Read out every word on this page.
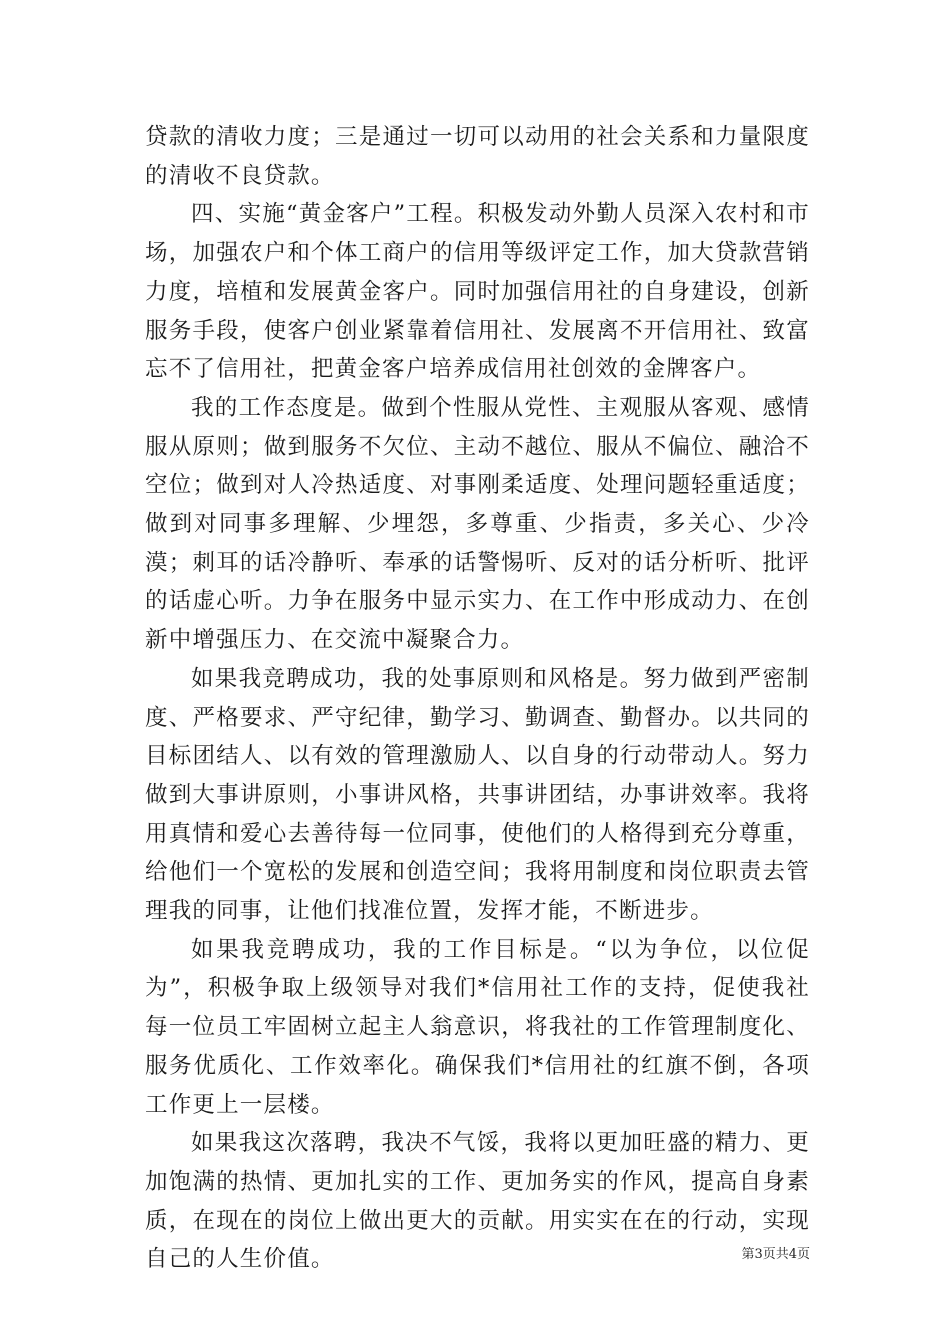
贷款的清收力度；三是通过一切可以动用的社会关系和力量限度的清收不良贷款。

四、实施“黄金客户”工程。积极发动外勤人员深入农村和市场，加强农户和个体工商户的信用等级评定工作，加大贷款营销力度，培植和发展黄金客户。同时加强信用社的自身建设，创新服务手段，使客户创业紧靠着信用社、发展离不开信用社、致富忘不了信用社，把黄金客户培养成信用社创效的金牌客户。

我的工作态度是。做到个性服从党性、主观服从客观、感情服从原则；做到服务不欠位、主动不越位、服从不偏位、融洽不空位；做到对人冷热适度、对事刚柔适度、处理问题轻重适度；做到对同事多理解、少埋怨，多尊重、少指责，多关心、少冷漠；刺耳的话冷静听、奉承的话警惕听、反对的话分析听、批评的话虚心听。力争在服务中显示实力、在工作中形成动力、在创新中增强压力、在交流中凝聚合力。

如果我竞聘成功，我的处事原则和风格是。努力做到严密制度、严格要求、严守纪律，勤学习、勤调查、勤督办。以共同的目标团结人、以有效的管理激励人、以自身的行动带动人。努力做到大事讲原则，小事讲风格，共事讲团结，办事讲效率。我将用真情和爱心去善待每一位同事，使他们的人格得到充分尊重，给他们一个宽松的发展和创造空间；我将用制度和岗位职责去管理我的同事，让他们找准位置，发挥才能，不断进步。

如果我竞聘成功，我的工作目标是。“以为争位，以位促为”，积极争取上级领导对我们*信用社工作的支持，促使我社每一位员工牢固树立起主人翁意识，将我社的工作管理制度化、服务优质化、工作效率化。确保我们*信用社的红旗不倒，各项工作更上一层楼。

如果我这次落聘，我决不气馁，我将以更加旺盛的精力、更加饱满的热情、更加扎实的工作、更加务实的作风，提高自身素质，在现在的岗位上做出更大的贡献。用实实在在的行动，实现自己的人生价值。	第3页共4页
